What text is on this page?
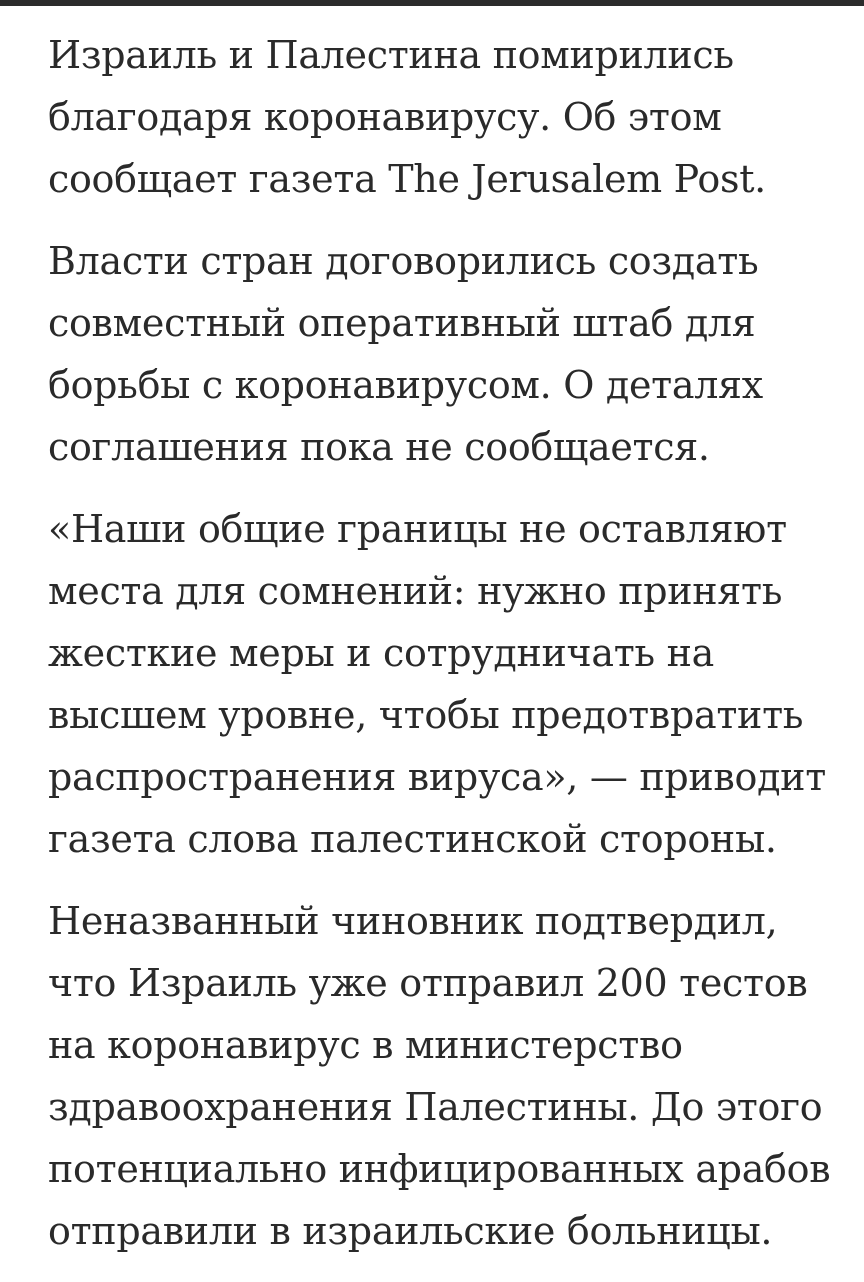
Израиль и Палестина помирились
благодаря коронавирусу. Об этом
сообщает газета The Jerusalem Post.

Власти стран договорились создать
совместный оперативный штаб для
борьбы с коронавирусом. О деталях
соглашения пока не сообщается.

«Наши общие границы не оставляют
места для сомнений: нужно принять
жесткие меры и сотрудничать на
высшем уровне, чтобы предотвратить
распространения вируса», — приводит
газета слова палестинской стороны.

Неназванный чиновник подтвердил,
что Израиль уже отправил 200 тестов
на коронавирус в министерство
здравоохранения Палестины. До этого
потенциально инфицированных арабов
отправили в израильские больницы.
